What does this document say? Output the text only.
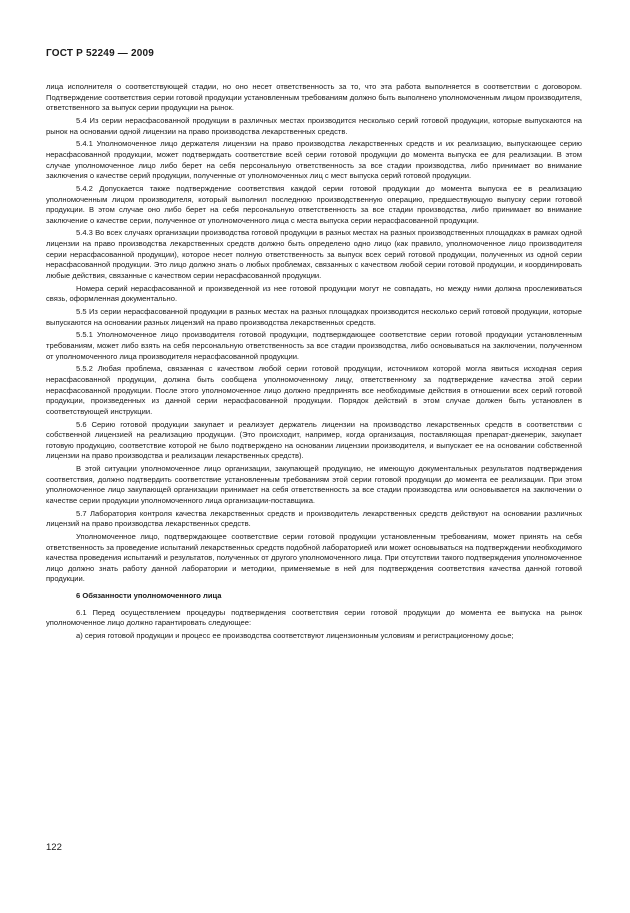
ГОСТ Р 52249 — 2009

лица исполнителя о соответствующей стадии, но оно несет ответственность за то, что эта работа выполняется в соответствии с договором. Подтверждение соответствия серии готовой продукции установленным требованиям должно быть выполнено уполномоченным лицом производителя, ответственного за выпуск серии продукции на рынок.

5.4 Из серии нерасфасованной продукции в различных местах производится несколько серий готовой продукции, которые выпускаются на рынок на основании одной лицензии на право производства лекарственных средств.

5.4.1 Уполномоченное лицо держателя лицензии на право производства лекарственных средств и их реализацию, выпускающее серию нерасфасованной продукции, может подтверждать соответствие всей серии готовой продукции до момента выпуска ее для реализации. В этом случае уполномоченное лицо либо берет на себя персональную ответственность за все стадии производства, либо принимает во внимание заключения о качестве серий продукции, полученные от уполномоченных лиц с мест выпуска серий готовой продукции.

5.4.2 Допускается также подтверждение соответствия каждой серии готовой продукции до момента выпуска ее в реализацию уполномоченным лицом производителя, который выполнил последнюю производственную операцию, предшествующую выпуску серии готовой продукции. В этом случае оно либо берет на себя персональную ответственность за все стадии производства, либо принимает во внимание заключение о качестве серии, полученное от уполномоченного лица с места выпуска серии нерасфасованной продукции.

5.4.3 Во всех случаях организации производства готовой продукции в разных местах на разных производственных площадках в рамках одной лицензии на право производства лекарственных средств должно быть определено одно лицо (как правило, уполномоченное лицо производителя серии нерасфасованной продукции), которое несет полную ответственность за выпуск всех серий готовой продукции, полученных из одной серии нерасфасованной продукции. Это лицо должно знать о любых проблемах, связанных с качеством любой серии готовой продукции, и координировать любые действия, связанные с качеством серии нерасфасованной продукции.

Номера серий нерасфасованной и произведенной из нее готовой продукции могут не совпадать, но между ними должна прослеживаться связь, оформленная документально.

5.5 Из серии нерасфасованной продукции в разных местах на разных площадках производится несколько серий готовой продукции, которые выпускаются на основании разных лицензий на право производства лекарственных средств.

5.5.1 Уполномоченное лицо производителя готовой продукции, подтверждающее соответствие серии готовой продукции установленным требованиям, может либо взять на себя персональную ответственность за все стадии производства, либо основываться на заключении, полученном от уполномоченного лица производителя нерасфасованной продукции.

5.5.2 Любая проблема, связанная с качеством любой серии готовой продукции, источником которой могла явиться исходная серия нерасфасованной продукции, должна быть сообщена уполномоченному лицу, ответственному за подтверждение качества этой серии нерасфасованной продукции. После этого уполномоченное лицо должно предпринять все необходимые действия в отношении всех серий готовой продукции, произведенных из данной серии нерасфасованной продукции. Порядок действий в этом случае должен быть установлен в соответствующей инструкции.

5.6 Серию готовой продукции закупает и реализует держатель лицензии на производство лекарственных средств в соответствии с собственной лицензией на реализацию продукции. (Это происходит, например, когда организация, поставляющая препарат-дженерик, закупает готовую продукцию, соответствие которой не было подтверждено на основании лицензии производителя, и выпускает ее на основании собственной лицензии на право производства и реализации лекарственных средств).

В этой ситуации уполномоченное лицо организации, закупающей продукцию, не имеющую документальных результатов подтверждения соответствия, должно подтвердить соответствие установленным требованиям этой серии готовой продукции до момента ее реализации. При этом уполномоченное лицо закупающей организации принимает на себя ответственность за все стадии производства или основывается на заключении о качестве серии продукции уполномоченного лица организации-поставщика.

5.7 Лаборатория контроля качества лекарственных средств и производитель лекарственных средств действуют на основании различных лицензий на право производства лекарственных средств.

Уполномоченное лицо, подтверждающее соответствие серии готовой продукции установленным требованиям, может принять на себя ответственность за проведение испытаний лекарственных средств подобной лабораторией или может основываться на подтверждении необходимого качества проведения испытаний и результатов, полученных от другого уполномоченного лица. При отсутствии такого подтверждения уполномоченное лицо должно знать работу данной лаборатории и методики, применяемые в ней для подтверждения соответствия качества данной готовой продукции.

6 Обязанности уполномоченного лица

6.1 Перед осуществлением процедуры подтверждения соответствия серии готовой продукции до момента ее выпуска на рынок уполномоченное лицо должно гарантировать следующее:

а) серия готовой продукции и процесс ее производства соответствуют лицензионным условиям и регистрационному досье;

122
